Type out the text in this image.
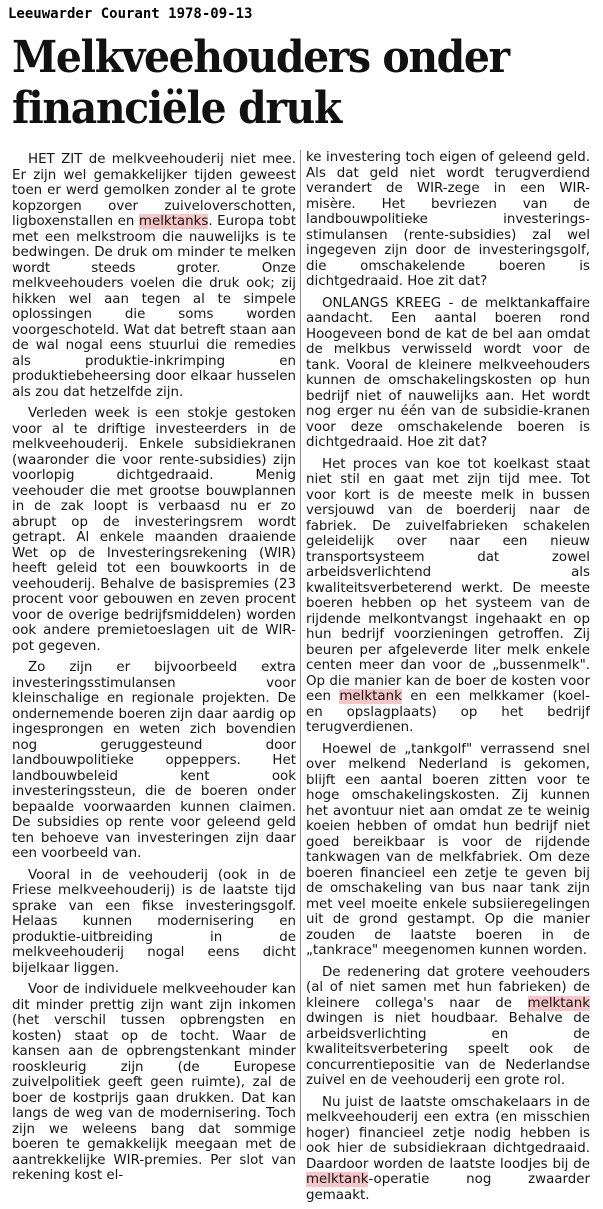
Leeuwarder Courant 1978-09-13
Melkveehouders onder
financiële druk

HET ZIT de melkveehouderij niet mee. Er zijn wel gemakkelijker tijden geweest toen er werd gemolken zonder al te grote kopzorgen over zuiveloverschotten, ligboxenstallen en melktanks. Europa tobt met een melkstroom die nauwelijks is te bedwingen. De druk om minder te melken wordt steeds groter. Onze melkveehouders voelen die druk ook; zij hikken wel aan tegen al te simpele oplossingen die soms worden voorgeschoteld. Wat dat betreft staan aan de wal nogal eens stuurlui die remedies als produktie-inkrimping en produktiebeheersing door elkaar husselen als zou dat hetzelfde zijn.

Verleden week is een stokje gestoken voor al te driftige investeerders in de melkveehouderij. Enkele subsidiekranen (waaronder die voor rente-subsidies) zijn voorlopig dichtgedraaid. Menig veehouder die met grootse bouwplannen in de zak loopt is verbaasd nu er zo abrupt op de investeringsrem wordt getrapt. Al enkele maanden draaiende Wet op de Investeringsrekening (WIR) heeft geleid tot een bouwkoorts in de veehouderij. Behalve de basispremies (23 procent voor gebouwen en zeven procent voor de overige bedrijfsmiddelen) worden ook andere premietoeslagen uit de WIR-pot gegeven.

Zo zijn er bijvoorbeeld extra investeringsstimulansen voor kleinschalige en regionale projekten. De ondernemende boeren zijn daar aardig op ingesprongen en weten zich bovendien nog geruggesteund door landbouwpolitieke oppeppers. Het landbouwbeleid kent ook investeringssteun, die de boeren onder bepaalde voorwaarden kunnen claimen. De subsidies op rente voor geleend geld ten behoeve van investeringen zijn daar een voorbeeld van.

Vooral in de veehouderij (ook in de Friese melkveehouderij) is de laatste tijd sprake van een fikse investeringsgolf. Helaas kunnen modernisering en produktie-uitbreiding in de melkveehouderij nogal eens dicht bijelkaar liggen.

Voor de individuele melkveehouder kan dit minder prettig zijn want zijn inkomen (het verschil tussen opbrengsten en kosten) staat op de tocht. Waar de kansen aan de opbrengstenkant minder rooskleurig zijn (de Europese zuivelpolitiek geeft geen ruimte), zal de boer de kostprijs gaan drukken. Dat kan langs de weg van de modernisering. Toch zijn we weleens bang dat sommige boeren te gemakkelijk meegaan met de aantrekkelijke WIR-premies. Per slot van rekening kost el-

ke investering toch eigen of geleend geld. Als dat geld niet wordt terugverdiend verandert de WIR-zege in een WIR-misère. Het bevriezen van de landbouwpolitieke investerings-stimulansen (rente-subsidies) zal wel ingegeven zijn door de investeringsgolf, die omschakelende boeren is dichtgedraaid. Hoe zit dat?

ONLANGS KREEG - de melktankaffaire aandacht. Een aantal boeren rond Hoogeveen bond de kat de bel aan omdat de melkbus verwisseld wordt voor de tank. Vooral de kleinere melkveehouders kunnen de omschakelingskosten op hun bedrijf niet of nauwelijks aan. Het wordt nog erger nu één van de subsidie-kranen voor deze omschakelende boeren is dichtgedraaid. Hoe zit dat?

Het proces van koe tot koelkast staat niet stil en gaat met zijn tijd mee. Tot voor kort is de meeste melk in bussen versjouwd van de boerderij naar de fabriek. De zuivelfabrieken schakelen geleidelijk over naar een nieuw transportsysteem dat zowel arbeidsverlichtend als kwaliteitsverbeterend werkt. De meeste boeren hebben op het systeem van de rijdende melkontvangst ingehaakt en op hun bedrijf voorzieningen getroffen. Zij beuren per afgeleverde liter melk enkele centen meer dan voor de „bussenmelk". Op die manier kan de boer de kosten voor een melktank en een melkkamer (koel- en opslagplaats) op het bedrijf terugverdienen.

Hoewel de „tankgolf" verrassend snel over melkend Nederland is gekomen, blijft een aantal boeren zitten voor te hoge omschakelingskosten. Zij kunnen het avontuur niet aan omdat ze te weinig koeien hebben of omdat hun bedrijf niet goed bereikbaar is voor de rijdende tankwagen van de melkfabriek. Om deze boeren financieel een zetje te geven bij de omschakeling van bus naar tank zijn met veel moeite enkele subsiieregelingen uit de grond gestampt. Op die manier zouden de laatste boeren in de „tankrace" meegenomen kunnen worden.

De redenering dat grotere veehouders (al of niet samen met hun fabrieken) de kleinere collega's naar de melktank dwingen is niet houdbaar. Behalve de arbeidsverlichting en de kwaliteitsverbetering speelt ook de concurrentiepositie van de Nederlandse zuivel en de veehouderij een grote rol.

Nu juist de laatste omschakelaars in de melkveehouderij een extra (en misschien hoger) financieel zetje nodig hebben is ook hier de subsidiekraan dichtgedraaid. Daardoor worden de laatste loodjes bij de melktank-operatie nog zwaarder gemaakt.
